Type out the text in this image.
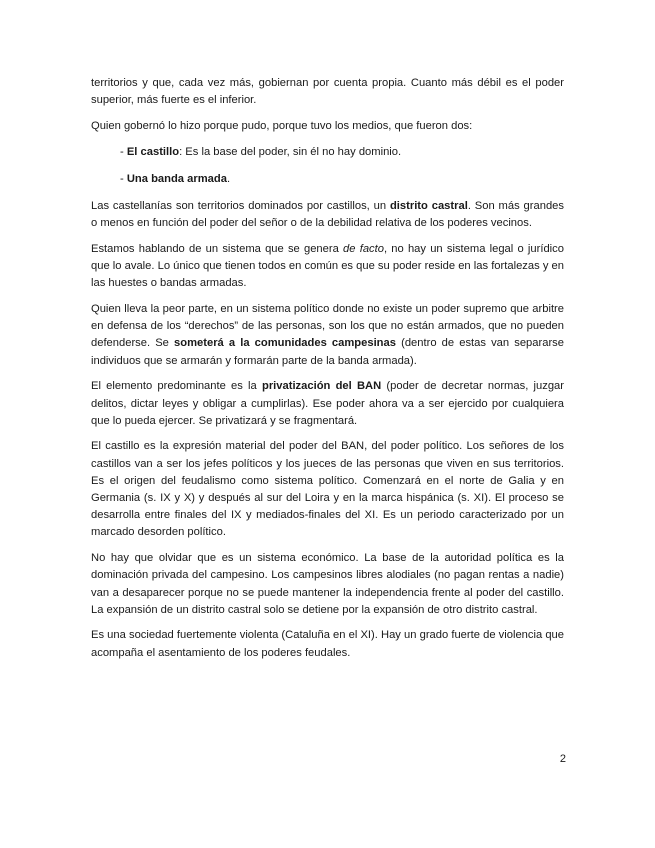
territorios y que, cada vez más, gobiernan por cuenta propia. Cuanto más débil es el poder superior, más fuerte es el inferior.

Quien gobernó lo hizo porque pudo, porque tuvo los medios, que fueron dos:

- El castillo: Es la base del poder, sin él no hay dominio.
- Una banda armada.

Las castellanías son territorios dominados por castillos, un distrito castral. Son más grandes o menos en función del poder del señor o de la debilidad relativa de los poderes vecinos.

Estamos hablando de un sistema que se genera de facto, no hay un sistema legal o jurídico que lo avale. Lo único que tienen todos en común es que su poder reside en las fortalezas y en las huestes o bandas armadas.

Quien lleva la peor parte, en un sistema político donde no existe un poder supremo que arbitre en defensa de los “derechos” de las personas, son los que no están armados, que no pueden defenderse. Se someterá a la comunidades campesinas (dentro de estas van separarse individuos que se armarán y formarán parte de la banda armada).

El elemento predominante es la privatización del BAN (poder de decretar normas, juzgar delitos, dictar leyes y obligar a cumplirlas). Ese poder ahora va a ser ejercido por cualquiera que lo pueda ejercer. Se privatizará y se fragmentará.

El castillo es la expresión material del poder del BAN, del poder político. Los señores de los castillos van a ser los jefes políticos y los jueces de las personas que viven en sus territorios. Es el origen del feudalismo como sistema político. Comenzará en el norte de Galia y en Germania (s. IX y X) y después al sur del Loira y en la marca hispánica (s. XI). El proceso se desarrolla entre finales del IX y mediados-finales del XI. Es un periodo caracterizado por un marcado desorden político.

No hay que olvidar que es un sistema económico. La base de la autoridad política es la dominación privada del campesino. Los campesinos libres alodiales (no pagan rentas a nadie) van a desaparecer porque no se puede mantener la independencia frente al poder del castillo. La expansión de un distrito castral solo se detiene por la expansión de otro distrito castral.

Es una sociedad fuertemente violenta (Cataluña en el XI). Hay un grado fuerte de violencia que acompaña el asentamiento de los poderes feudales.

2
